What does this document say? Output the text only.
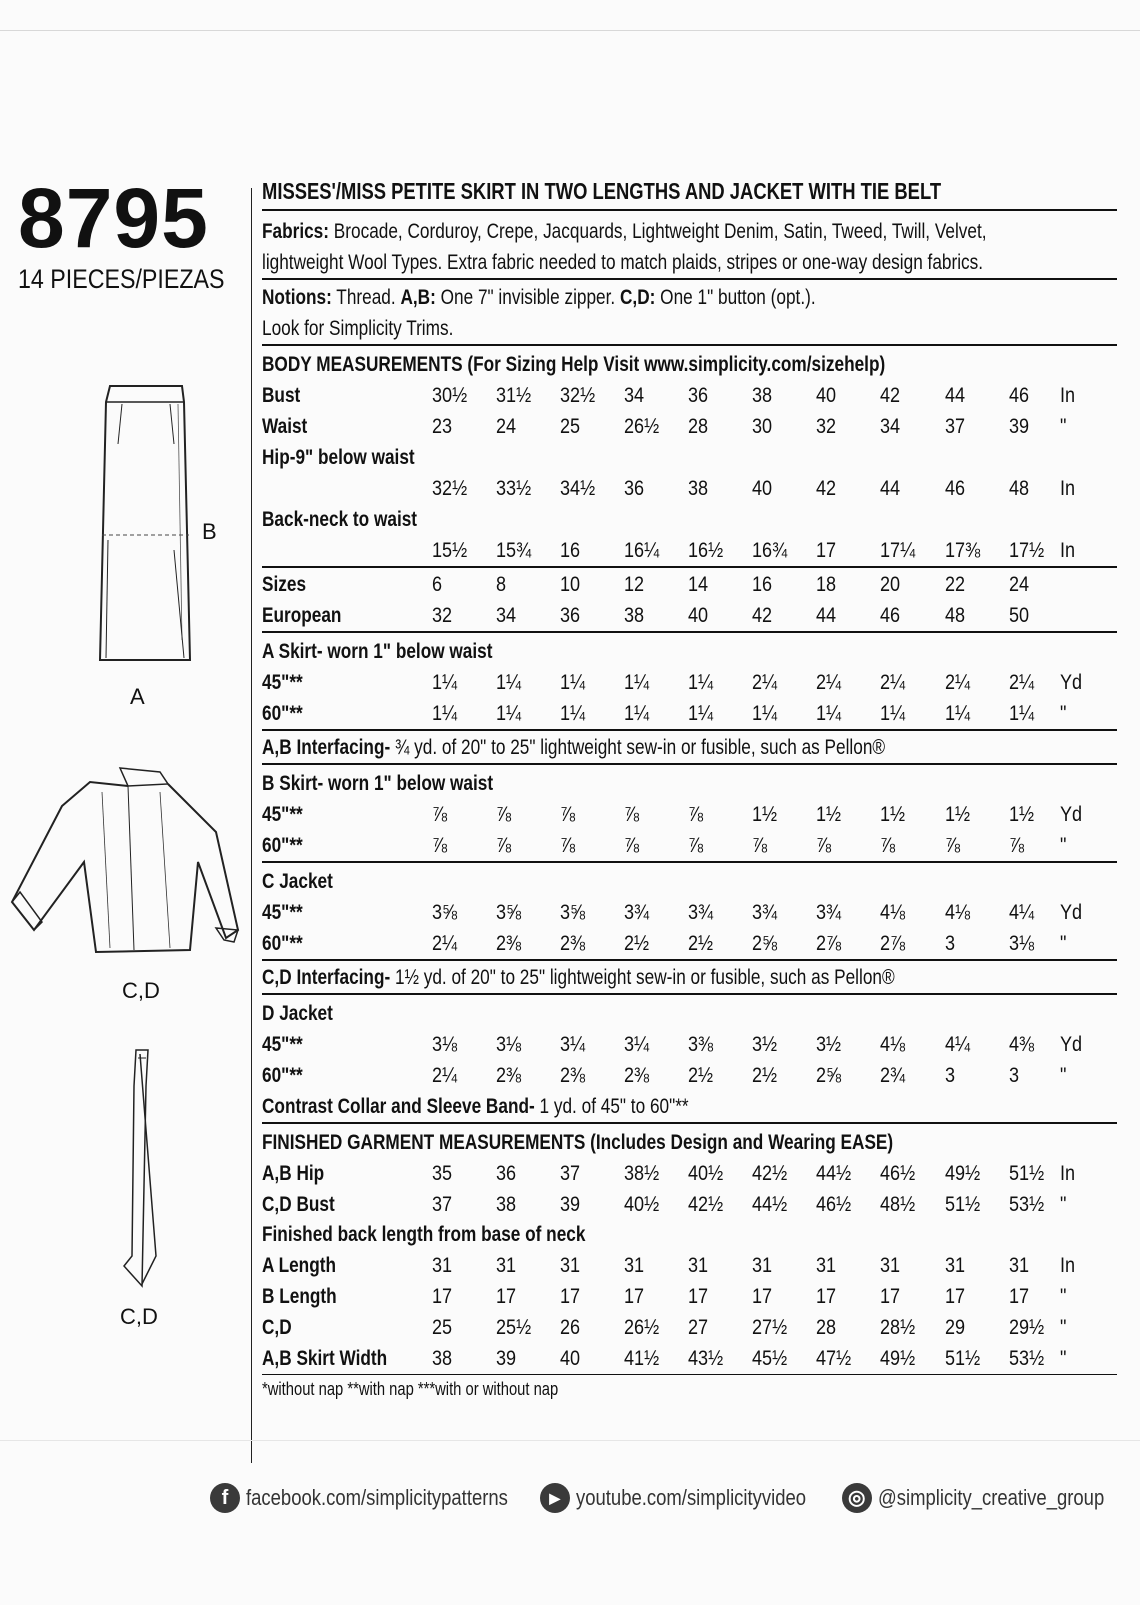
8795
14 PIECES/PIEZAS
B
A
C,D
C,D
MISSES'/MISS PETITE SKIRT IN TWO LENGTHS AND JACKET WITH TIE BELT
Fabrics: Brocade, Corduroy, Crepe, Jacquards, Lightweight Denim, Satin, Tweed, Twill, Velvet,
lightweight Wool Types. Extra fabric needed to match plaids, stripes or one-way design fabrics.
Notions: Thread. A,B: One 7" invisible zipper. C,D: One 1" button (opt.).
Look for Simplicity Trims.
BODY MEASUREMENTS (For Sizing Help Visit www.simplicity.com/sizehelp)
Bust	30½	31½	32½	34	36	38	40	42	44	46	In
Waist	23	24	25	26½	28	30	32	34	37	39	"
Hip-9" below waist
32½	33½	34½	36	38	40	42	44	46	48	In
Back-neck to waist
15½	15¾	16	16¼	16½	16¾	17	17¼	17⅜	17½ In
Sizes	6	8	10	12	14	16	18	20	22	24
European	32	34	36	38	40	42	44	46	48	50
A Skirt- worn 1" below waist
45"**	1¼	1¼	1¼	1¼	1¼	2¼	2¼	2¼	2¼	2¼	Yd
60"**	1¼	1¼	1¼	1¼	1¼	1¼	1¼	1¼	1¼	1¼	"
A,B Interfacing- ¾ yd. of 20" to 25" lightweight sew-in or fusible, such as Pellon®
B Skirt- worn 1" below waist
45"**	⅞	⅞	⅞	⅞	⅞	1½	1½	1½	1½	1½	Yd
60"**	⅞	⅞	⅞	⅞	⅞	⅞	⅞	⅞	⅞	⅞	"
C Jacket
45"**	3⅝	3⅝	3⅝	3¾	3¾	3¾	3¾	4⅛	4⅛	4¼	Yd
60"**	2¼	2⅜	2⅜	2½	2½	2⅝	2⅞	2⅞	3	3⅛	"
C,D Interfacing- 1½ yd. of 20" to 25" lightweight sew-in or fusible, such as Pellon®
D Jacket
45"**	3⅛	3⅛	3¼	3¼	3⅜	3½	3½	4⅛	4¼	4⅜	Yd
60"**	2¼	2⅜	2⅜	2⅜	2½	2½	2⅝	2¾	3	3	"
Contrast Collar and Sleeve Band- 1 yd. of 45" to 60"**
FINISHED GARMENT MEASUREMENTS (Includes Design and Wearing EASE)
A,B Hip	35	36	37	38½	40½	42½	44½	46½	49½	51½ In
C,D Bust	37	38	39	40½	42½	44½	46½	48½	51½	53½ "
Finished back length from base of neck
A Length	31	31	31	31	31	31	31	31	31	31	In
B Length	17	17	17	17	17	17	17	17	17	17	"
C,D	25	25½	26	26½	27	27½	28	28½	29	29½ "
A,B Skirt Width 38	39	40	41½	43½	45½	47½	49½	51½	53½ "
*without nap **with nap ***with or without nap
f facebook.com/simplicitypatterns	▶ youtube.com/simplicityvideo	◎ @simplicity_creative_group
